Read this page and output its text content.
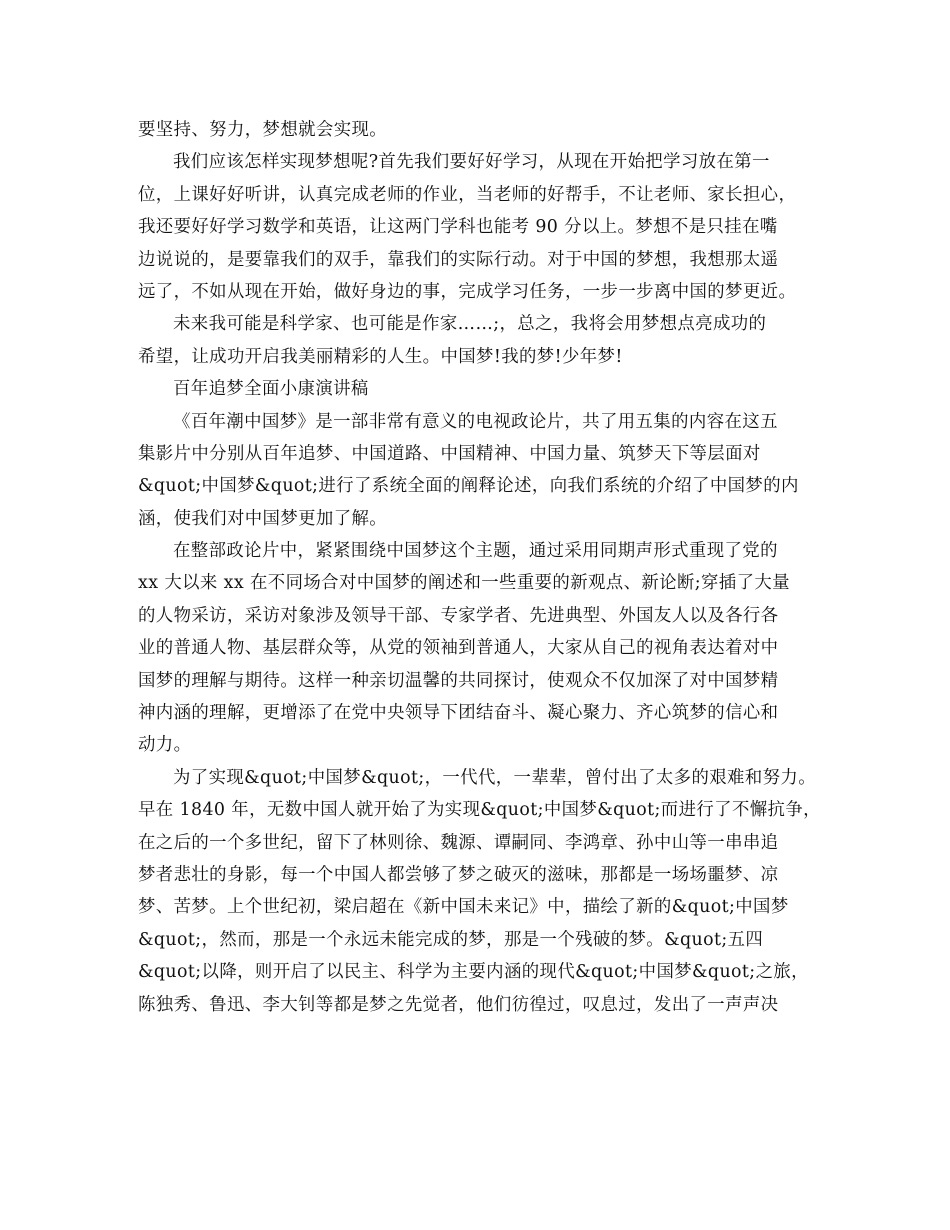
要坚持、努力，梦想就会实现。
我们应该怎样实现梦想呢?首先我们要好好学习，从现在开始把学习放在第一
位，上课好好听讲，认真完成老师的作业，当老师的好帮手，不让老师、家长担心，
我还要好好学习数学和英语，让这两门学科也能考 90 分以上。梦想不是只挂在嘴
边说说的，是要靠我们的双手，靠我们的实际行动。对于中国的梦想，我想那太遥
远了，不如从现在开始，做好身边的事，完成学习任务，一步一步离中国的梦更近。
未来我可能是科学家、也可能是作家……;，总之，我将会用梦想点亮成功的
希望，让成功开启我美丽精彩的人生。中国梦!我的梦!少年梦!
百年追梦全面小康演讲稿
《百年潮中国梦》是一部非常有意义的电视政论片，共了用五集的内容在这五
集影片中分别从百年追梦、中国道路、中国精神、中国力量、筑梦天下等层面对
&quot;中国梦&quot;进行了系统全面的阐释论述，向我们系统的介绍了中国梦的内
涵，使我们对中国梦更加了解。
在整部政论片中，紧紧围绕中国梦这个主题，通过采用同期声形式重现了党的
xx 大以来 xx 在不同场合对中国梦的阐述和一些重要的新观点、新论断;穿插了大量
的人物采访，采访对象涉及领导干部、专家学者、先进典型、外国友人以及各行各
业的普通人物、基层群众等，从党的领袖到普通人，大家从自己的视角表达着对中
国梦的理解与期待。这样一种亲切温馨的共同探讨，使观众不仅加深了对中国梦精
神内涵的理解，更增添了在党中央领导下团结奋斗、凝心聚力、齐心筑梦的信心和
动力。
为了实现&quot;中国梦&quot;，一代代，一辈辈，曾付出了太多的艰难和努力。
早在 1840 年，无数中国人就开始了为实现&quot;中国梦&quot;而进行了不懈抗争，
在之后的一个多世纪，留下了林则徐、魏源、谭嗣同、李鸿章、孙中山等一串串追
梦者悲壮的身影，每一个中国人都尝够了梦之破灭的滋味，那都是一场场噩梦、凉
梦、苦梦。上个世纪初，梁启超在《新中国未来记》中，描绘了新的&quot;中国梦
&quot;，然而，那是一个永远未能完成的梦，那是一个残破的梦。&quot;五四
&quot;以降，则开启了以民主、科学为主要内涵的现代&quot;中国梦&quot;之旅，
陈独秀、鲁迅、李大钊等都是梦之先觉者，他们彷徨过，叹息过，发出了一声声决
